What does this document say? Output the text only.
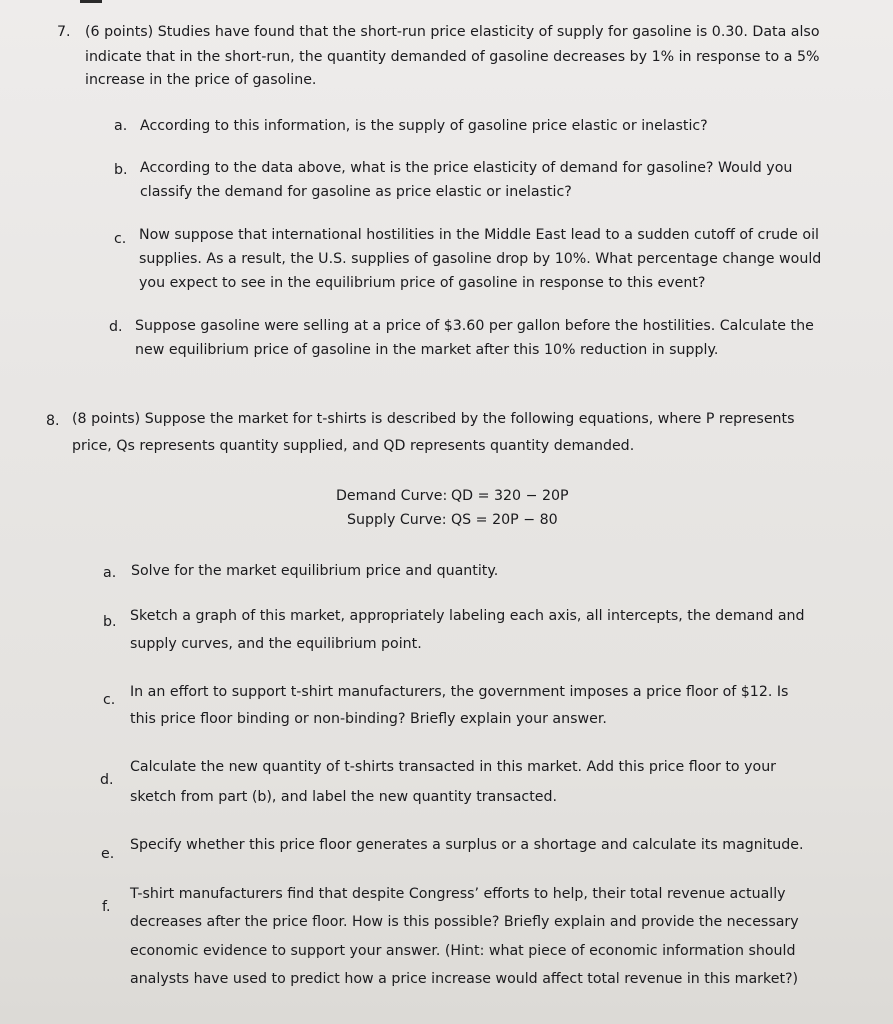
7. (6 points) Studies have found that the short-run price elasticity of supply for gasoline is 0.30. Data also
indicate that in the short-run, the quantity demanded of gasoline decreases by 1% in response to a 5%
increase in the price of gasoline.
a. According to this information, is the supply of gasoline price elastic or inelastic?
b. According to the data above, what is the price elasticity of demand for gasoline? Would you
classify the demand for gasoline as price elastic or inelastic?
c. Now suppose that international hostilities in the Middle East lead to a sudden cutoff of crude oil
supplies. As a result, the U.S. supplies of gasoline drop by 10%. What percentage change would
you expect to see in the equilibrium price of gasoline in response to this event?
d. Suppose gasoline were selling at a price of $3.60 per gallon before the hostilities. Calculate the
new equilibrium price of gasoline in the market after this 10% reduction in supply.
8. (8 points) Suppose the market for t-shirts is described by the following equations, where P represents
price, Qs represents quantity supplied, and QD represents quantity demanded.
Demand Curve: QD = 320 − 20P
Supply Curve: QS = 20P − 80
a. Solve for the market equilibrium price and quantity.
b. Sketch a graph of this market, appropriately labeling each axis, all intercepts, the demand and
supply curves, and the equilibrium point.
c. In an effort to support t-shirt manufacturers, the government imposes a price floor of $12. Is
this price floor binding or non-binding? Briefly explain your answer.
d.
Calculate the new quantity of t-shirts transacted in this market. Add this price floor to your
sketch from part (b), and label the new quantity transacted.
e.
Specify whether this price floor generates a surplus or a shortage and calculate its magnitude.
f.
T-shirt manufacturers find that despite Congress’ efforts to help, their total revenue actually
decreases after the price floor. How is this possible? Briefly explain and provide the necessary
economic evidence to support your answer. (Hint: what piece of economic information should
analysts have used to predict how a price increase would affect total revenue in this market?)
